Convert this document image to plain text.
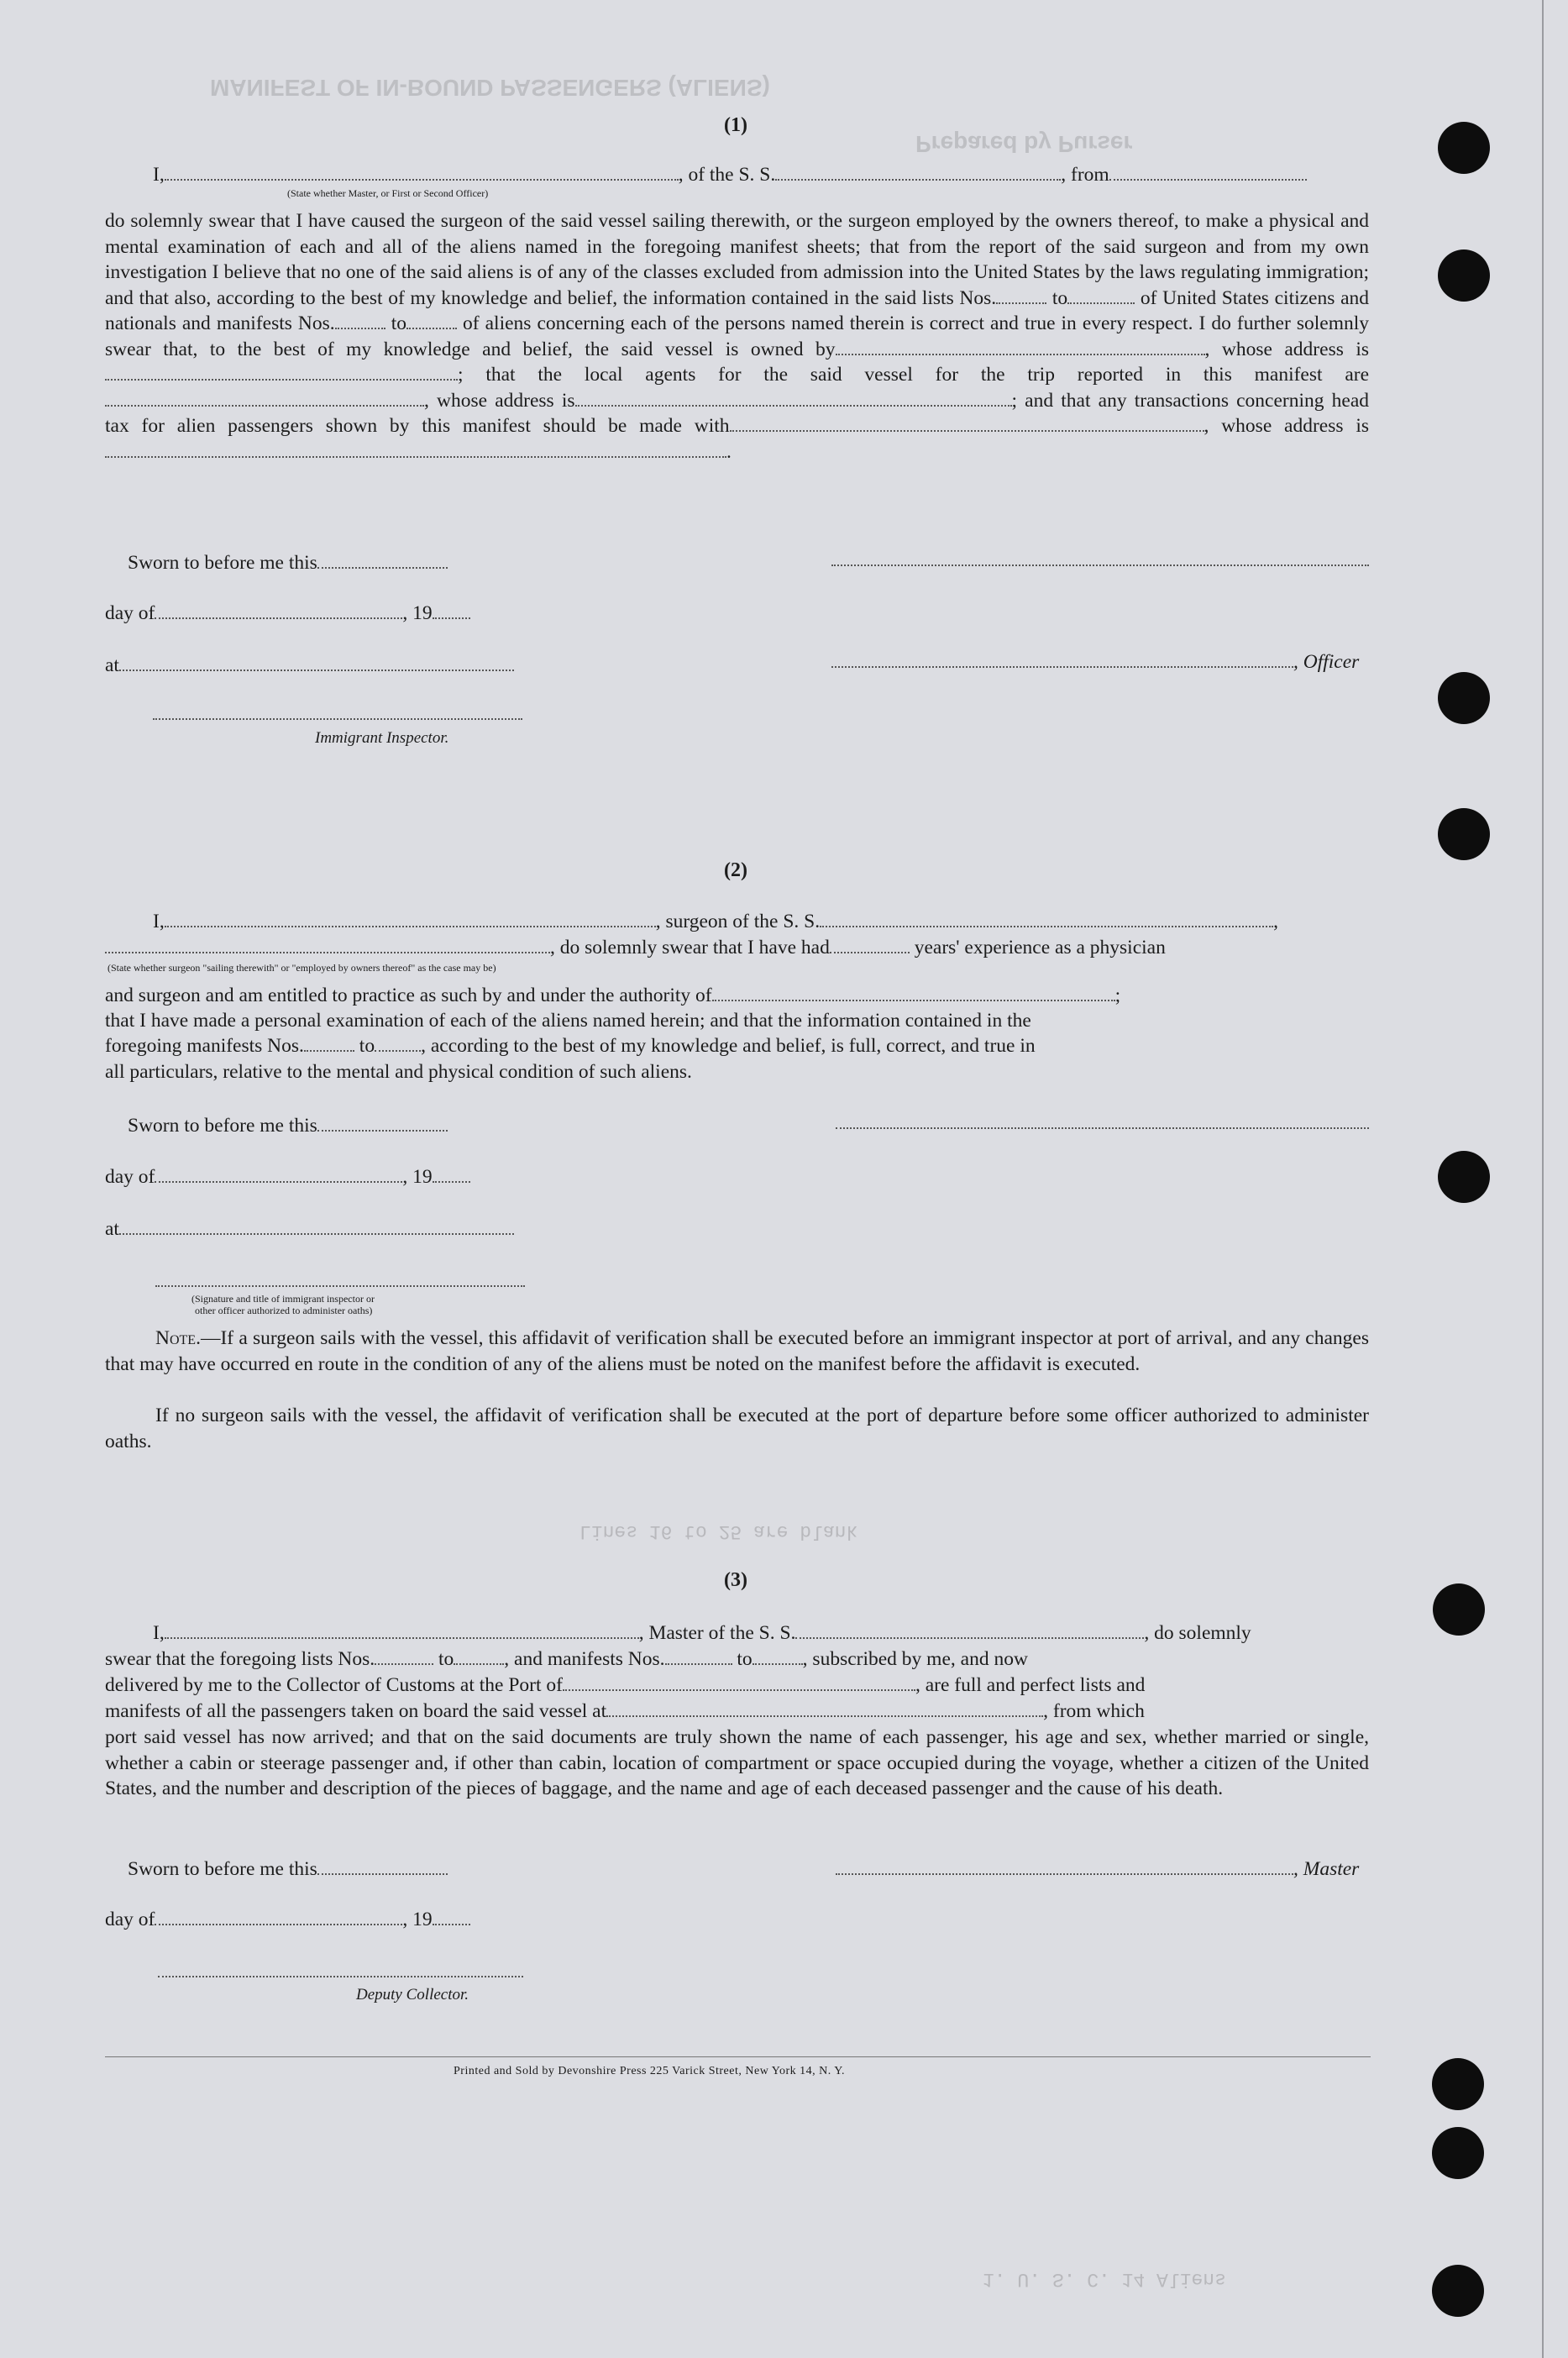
MANIFEST OF IN-BOUND PASSENGERS (ALIENS)
Prepared by Purser
Lines 16 to 25 are blank
1. U. S. C. 14 Aliens
(1)
I,	, of the S. S.	, from
(State whether Master, or First or Second Officer)

do solemnly swear that I have caused the surgeon of the said vessel sailing therewith, or the surgeon employed by the owners thereof, to make a physical and mental examination of each and all of the aliens named in the foregoing manifest sheets; that from the report of the said surgeon and from my own investigation I believe that no one of the said aliens is of any of the classes excluded from admission into the United States by the laws regulating immigration; and that also, according to the best of my knowledge and belief, the information contained in the said lists Nos.	to	of United States citizens and nationals and manifests Nos.	to	of aliens concerning each of the persons named therein is correct and true in every respect. I do further solemnly swear that, to the best of my knowledge and belief, the said vessel is owned by	, whose address is; that the local agents for the said vessel for the trip reported in this manifest are, whose address is	; and that any transactions concerning head tax for alien passengers shown by this manifest should be made with	, whose address is .

Sworn to before me this
day of	, 19
at	, Officer
Immigrant Inspector.
(2)
I,	, surgeon of the S. S.	,
, do solemnly swear that I have had	years' experience as a physician
(State whether surgeon "sailing therewith" or "employed by owners thereof" as the case may be)
and surgeon and am entitled to practice as such by and under the authority of	;
that I have made a personal examination of each of the aliens named herein; and that the information contained in the
foregoing manifests Nos.	to , according to the best of my knowledge and belief, is full, correct, and true in
all particulars, relative to the mental and physical condition of such aliens.
Sworn to before me this
day of	, 19
at
(Signature and title of immigrant inspector or
other officer authorized to administer oaths)

Note.—If a surgeon sails with the vessel, this affidavit of verification shall be executed before an immigrant inspector at port of arrival, and any changes that may have occurred en route in the condition of any of the aliens must be noted on the manifest before the affidavit is executed.

If no surgeon sails with the vessel, the affidavit of verification shall be executed at the port of departure before some officer authorized to administer oaths.

(3)
I,	, Master of the S. S.	, do solemnly
swear that the foregoing lists Nos.	to	, and manifests Nos.	to	, subscribed by me, and now
delivered by me to the Collector of Customs at the Port of	, are full and perfect lists and
manifests of all the passengers taken on board the said vessel at	, from which

port said vessel has now arrived; and that on the said documents are truly shown the name of each passenger, his age and sex, whether married or single, whether a cabin or steerage passenger and, if other than cabin, location of compartment or space occupied during the voyage, whether a citizen of the United States, and the number and description of the pieces of baggage, and the name and age of each deceased passenger and the cause of his death.

Sworn to before me this	, Master
day of	, 19
Deputy Collector.
Printed and Sold by Devonshire Press 225 Varick Street, New York 14, N. Y.
